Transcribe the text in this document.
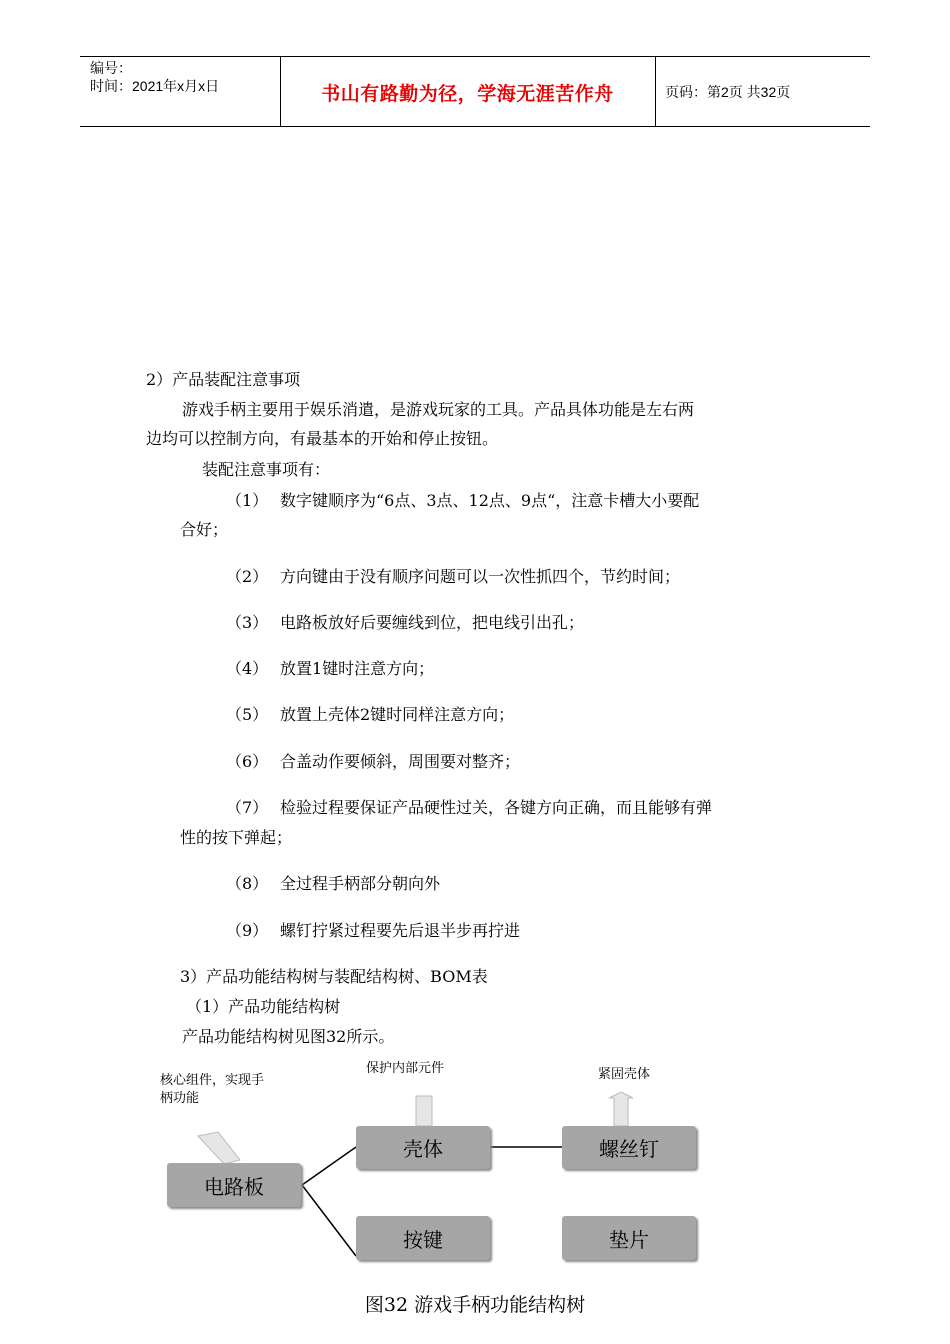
编号：
时间：2021年x月x日	书山有路勤为径，学海无涯苦作舟	页码：第2页 共32页
2）产品装配注意事项
游戏手柄主要用于娱乐消遣，是游戏玩家的工具。产品具体功能是左右两
边均可以控制方向，有最基本的开始和停止按钮。
装配注意事项有：
（1） 数字键顺序为“6点、3点、12点、9点“，注意卡槽大小要配
合好；
（2） 方向键由于没有顺序问题可以一次性抓四个，节约时间；
（3） 电路板放好后要缠线到位，把电线引出孔；
（4） 放置1键时注意方向；
（5） 放置上壳体2键时同样注意方向；
（6） 合盖动作要倾斜，周围要对整齐；
（7） 检验过程要保证产品硬性过关，各键方向正确，而且能够有弹
性的按下弹起；
（8） 全过程手柄部分朝向外
（9） 螺钉拧紧过程要先后退半步再拧进
3）产品功能结构树与装配结构树、BOM表
（1）产品功能结构树
产品功能结构树见图32所示。
电路板
壳体
按键
螺丝钉
垫片
核心组件，实现手
柄功能
保护内部元件	紧固壳体
图32 游戏手柄功能结构树
